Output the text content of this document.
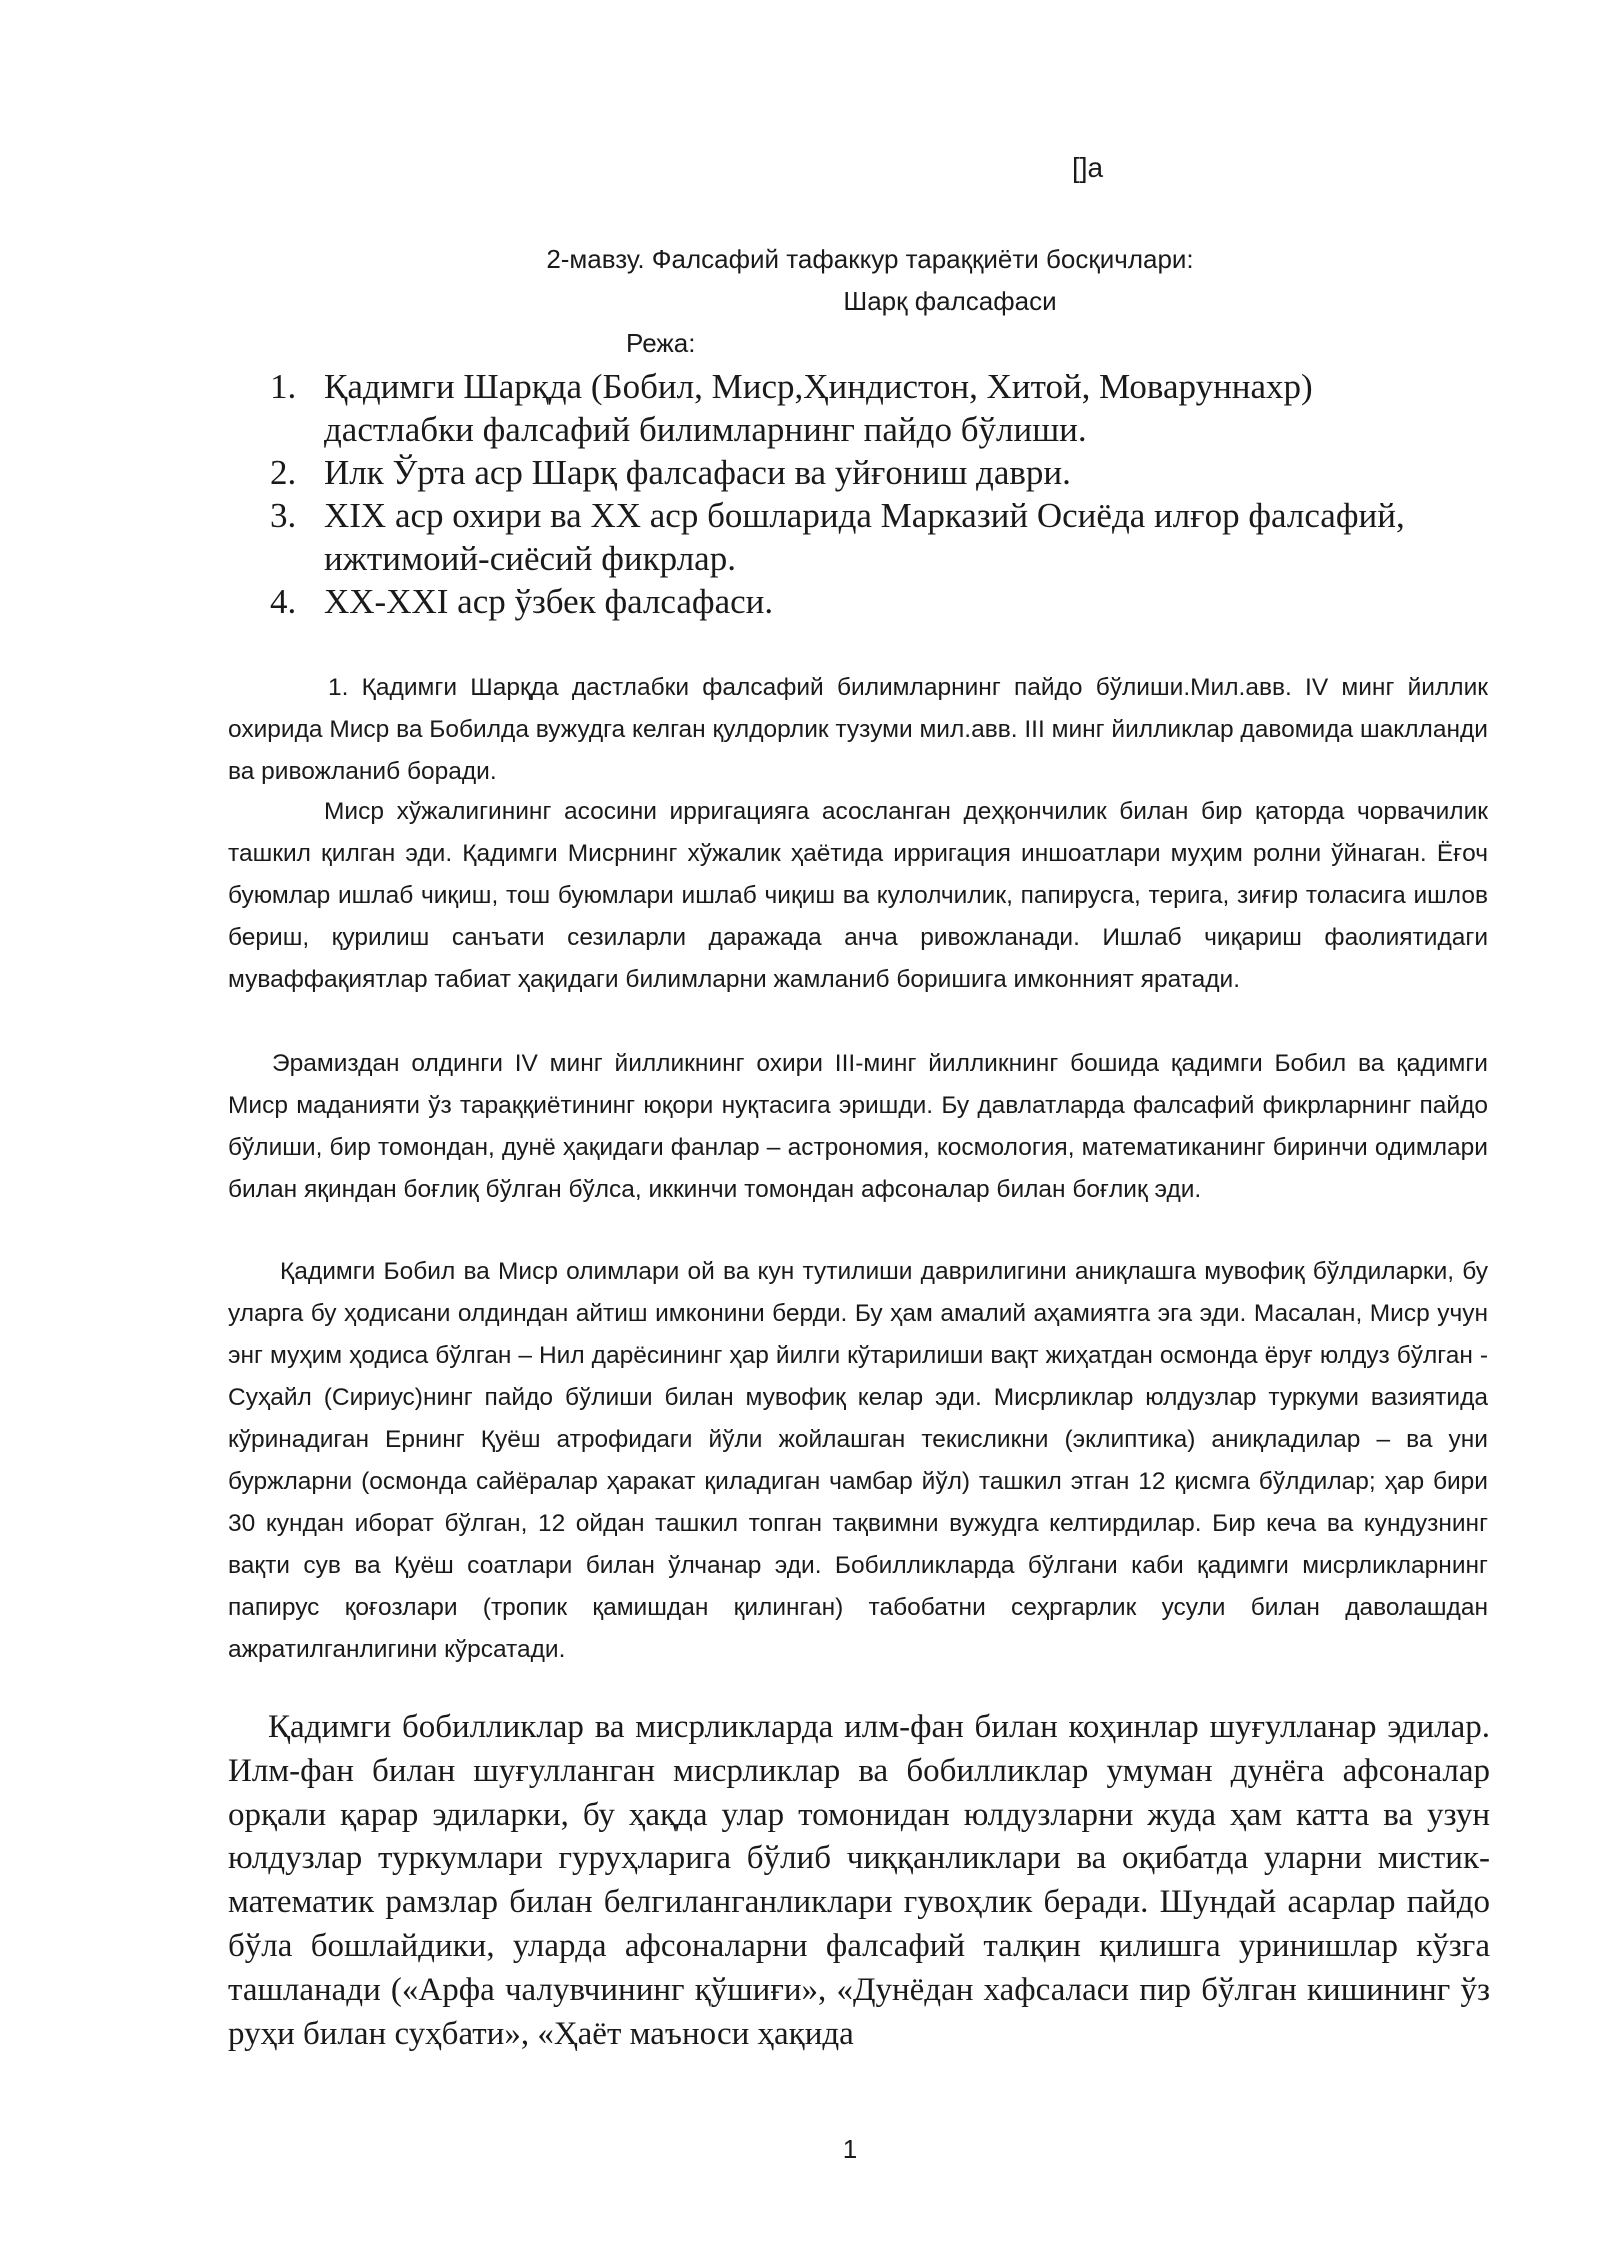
[]а
2-мавзу. Фалсафий тафаккур тараққиёти босқичлари:
Шарқ фалсафаси
Режа:
1. Қадимги Шарқда (Бобил, Миср,Ҳиндистон, Хитой, Моваруннахр) дастлабки фалсафий билимларнинг пайдо бўлиши.
2. Илк Ўрта аср Шарқ фалсафаси ва уйғониш даври.
3. XIX аср охири ва XX аср бошларида Марказий Осиёда илғор фалсафий, ижтимоий-сиёсий фикрлар.
4. XX-XXI аср ўзбек фалсафаси.

1. Қадимги Шарқда дастлабки фалсафий билимларнинг пайдо бўлиши.Мил.авв. IV минг йиллик охирида Миср ва Бобилда вужудга келган қулдорлик тузуми мил.авв. III минг йилликлар давомида шаклланди ва ривожланиб боради.

Миср хўжалигининг асосини ирригацияга асосланган деҳқончилик билан бир қаторда чорвачилик ташкил қилган эди. Қадимги Мисрнинг хўжалик ҳаётида ирригация иншоатлари муҳим ролни ўйнаган. Ёғоч буюмлар ишлаб чиқиш, тош буюмлари ишлаб чиқиш ва кулолчилик, папирусга, терига, зиғир толасига ишлов бериш, қурилиш санъати сезиларли даражада анча ривожланади. Ишлаб чиқариш фаолиятидаги муваффақиятлар табиат ҳақидаги билимларни жамланиб боришига имконният яратади.

Эрамиздан олдинги IV минг йилликнинг охири III-минг йилликнинг бошида қадимги Бобил ва қадимги Миср маданияти ўз тараққиётининг юқори нуқтасига эришди. Бу давлатларда фалсафий фикрларнинг пайдо бўлиши, бир томондан, дунё ҳақидаги фанлар – астрономия, космология, математиканинг биринчи одимлари билан яқиндан боғлиқ бўлган бўлса, иккинчи томондан афсоналар билан боғлиқ эди.

Қадимги Бобил ва Миср олимлари ой ва кун тутилиши даврилигини аниқлашга мувофиқ бўлдиларки, бу уларга бу ҳодисани олдиндан айтиш имконини берди. Бу ҳам амалий аҳамиятга эга эди. Масалан, Миср учун энг муҳим ҳодиса бўлган – Нил дарёсининг ҳар йилги кўтарилиши вақт жиҳатдан осмонда ёруғ юлдуз бўлган - Суҳайл (Сириус)нинг пайдо бўлиши билан мувофиқ келар эди. Мисрликлар юлдузлар туркуми вазиятида кўринадиган Ернинг Қуёш атрофидаги йўли жойлашган текисликни (эклиптика) аниқладилар – ва уни буржларни (осмонда сайёралар ҳаракат қиладиган чамбар йўл) ташкил этган 12 қисмга бўлдилар; ҳар бири 30 кундан иборат бўлган, 12 ойдан ташкил топган тақвимни вужудга келтирдилар. Бир кеча ва кундузнинг вақти сув ва Қуёш соатлари билан ўлчанар эди. Бобилликларда бўлгани каби қадимги мисрликларнинг папирус қоғозлари (тропик қамишдан қилинган) табобатни сеҳргарлик усули билан даволашдан ажратилганлигини кўрсатади.

Қадимги бобилликлар ва мисрликларда илм-фан билан коҳинлар шуғулланар эдилар. Илм-фан билан шуғулланган мисрликлар ва бобилликлар умуман дунёга афсоналар орқали қарар эдиларки, бу ҳақда улар томонидан юлдузларни жуда ҳам катта ва узун юлдузлар туркумлари гуруҳларига бўлиб чиққанликлари ва оқибатда уларни мистик-математик рамзлар билан белгиланганликлари гувоҳлик беради. Шундай асарлар пайдо бўла бошлайдики, уларда афсоналарни фалсафий талқин қилишга уринишлар кўзга ташланади («Арфа чалувчининг қўшиғи», «Дунёдан хафсаласи пир бўлган кишининг ўз руҳи билан суҳбати», «Ҳаёт маъноси ҳақида

1
